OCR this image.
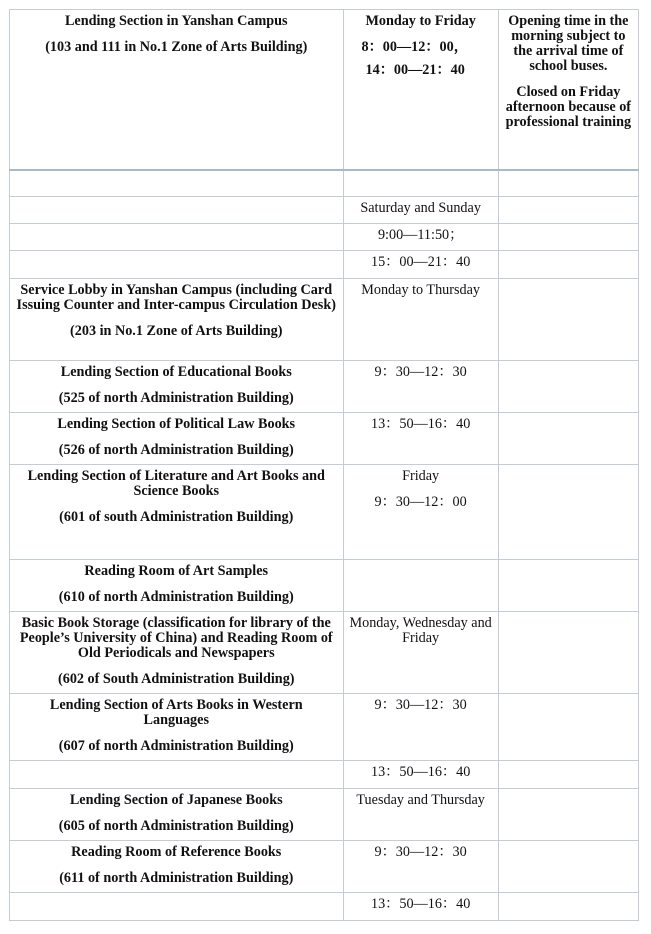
Lending Section in Yanshan Campus
(103 and 111 in No.1 Zone of Arts Building)	Monday to Friday
8：00—12：00，
14：00—21：40	Opening time in the morning subject to the arrival time of school buses.
Closed on Friday afternoon because of professional training

	Saturday and Sunday	
	9:00—11:50；	
	15：00—21：40	

Service Lobby in Yanshan Campus (including Card Issuing Counter and Inter-campus Circulation Desk)
(203 in No.1 Zone of Arts Building)	Monday to Thursday	

Lending Section of Educational Books
(525 of north Administration Building)	9：30—12：30	

Lending Section of Political Law Books
(526 of north Administration Building)	13：50—16：40	

Lending Section of Literature and Art Books and Science Books
(601 of south Administration Building)	Friday
9：30—12：00	

Reading Room of Art Samples
(610 of north Administration Building)		

Basic Book Storage (classification for library of the People’s University of China) and Reading Room of Old Periodicals and Newspapers
(602 of South Administration Building)	Monday, Wednesday and Friday	

Lending Section of Arts Books in Western Languages
(607 of north Administration Building)	9：30—12：30	
	13：50—16：40	

Lending Section of Japanese Books
(605 of north Administration Building)	Tuesday and Thursday	

Reading Room of Reference Books
(611 of north Administration Building)	9：30—12：30	
	13：50—16：40	
